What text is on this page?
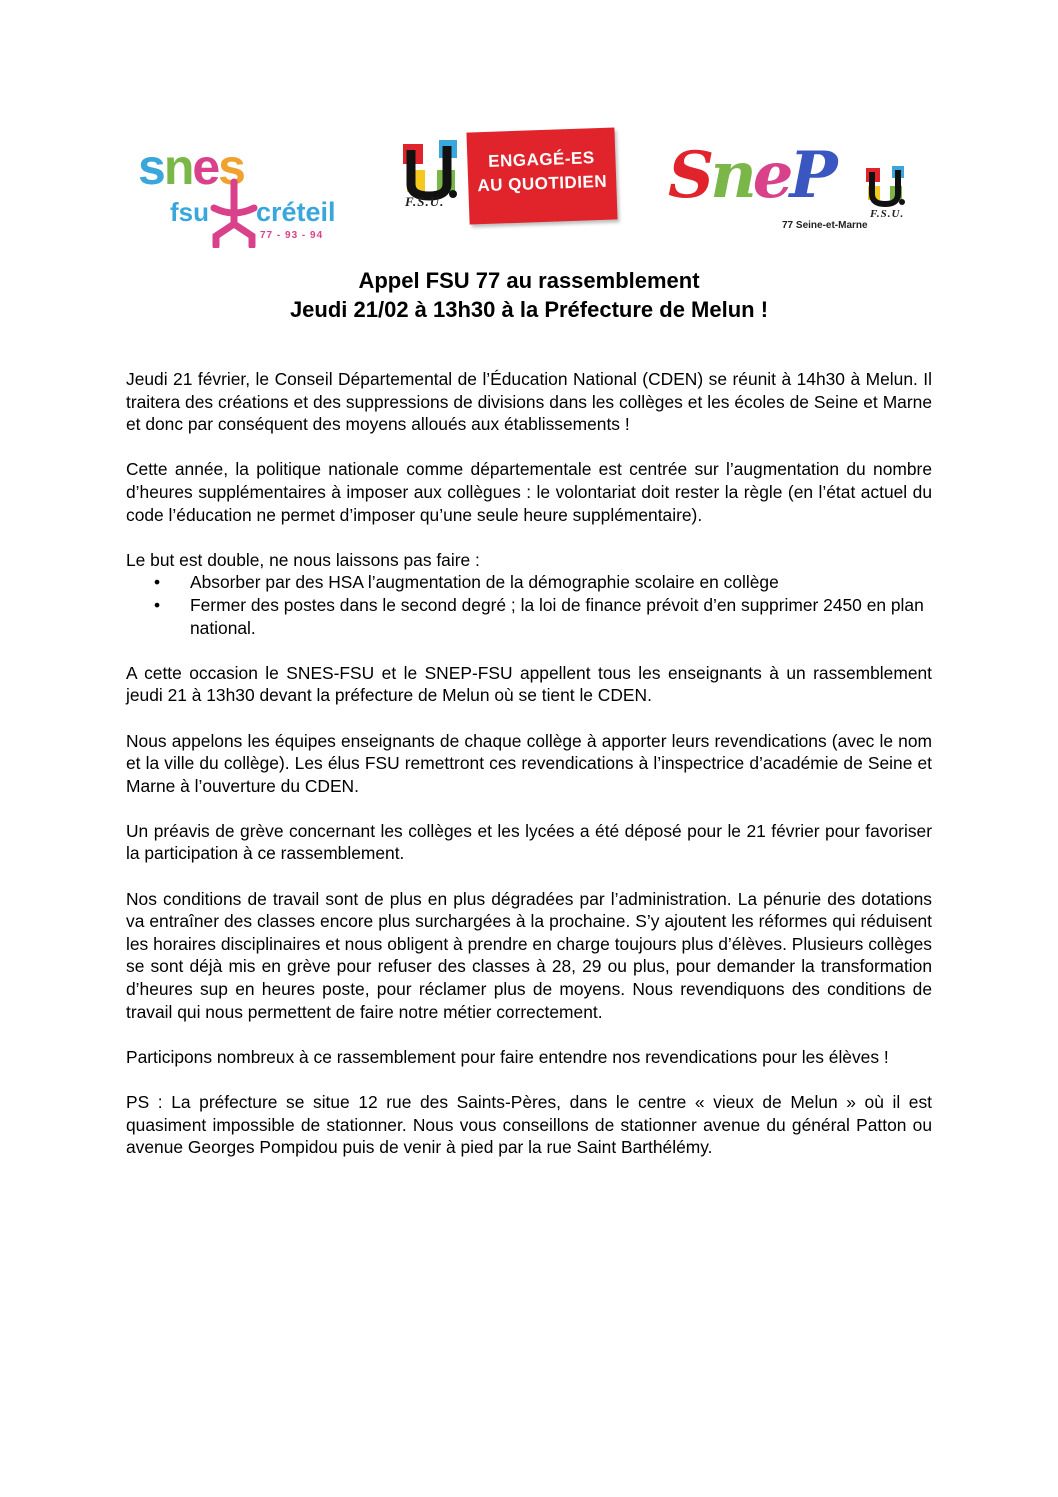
snes
fsu créteil
77 - 93 - 94
F.S.U.
ENGAGÉ-ES
AU QUOTIDIEN SneP
F.S.U.
77 Seine-et-Marne
Appel FSU 77 au rassemblement
Jeudi 21/02 à 13h30 à la Préfecture de Melun !

Jeudi 21 février, le Conseil Départemental de l’Éducation National (CDEN) se réunit à 14h30 à Melun. Il traitera des créations et des suppressions de divisions dans les collèges et les écoles de Seine et Marne et donc par conséquent des moyens alloués aux établissements !

Cette année, la politique nationale comme départementale est centrée sur l’augmentation du nombre d’heures supplémentaires à imposer aux collègues : le volontariat doit rester la règle (en l’état actuel du code l’éducation ne permet d’imposer qu’une seule heure supplémentaire).

Le but est double, ne nous laissons pas faire :

• Absorber par des HSA l’augmentation de la démographie scolaire en collège
• Fermer des postes dans le second degré ; la loi de finance prévoit d’en supprimer 2450 en plan national.

A cette occasion le SNES-FSU et le SNEP-FSU appellent tous les enseignants à un rassemblement jeudi 21 à 13h30 devant la préfecture de Melun où se tient le CDEN.

Nous appelons les équipes enseignants de chaque collège à apporter leurs revendications (avec le nom et la ville du collège). Les élus FSU remettront ces revendications à l’inspectrice d’académie de Seine et Marne à l’ouverture du CDEN.

Un préavis de grève concernant les collèges et les lycées a été déposé pour le 21 février pour favoriser la participation à ce rassemblement.

Nos conditions de travail sont de plus en plus dégradées par l’administration. La pénurie des dotations va entraîner des classes encore plus surchargées à la prochaine. S’y ajoutent les réformes qui réduisent les horaires disciplinaires et nous obligent à prendre en charge toujours plus d’élèves. Plusieurs collèges se sont déjà mis en grève pour refuser des classes à 28, 29 ou plus, pour demander la transformation d’heures sup en heures poste, pour réclamer plus de moyens. Nous revendiquons des conditions de travail qui nous permettent de faire notre métier correctement.

Participons nombreux à ce rassemblement pour faire entendre nos revendications pour les élèves !

PS : La préfecture se situe 12 rue des Saints-Pères, dans le centre « vieux de Melun » où il est quasiment impossible de stationner. Nous vous conseillons de stationner avenue du général Patton ou avenue Georges Pompidou puis de venir à pied par la rue Saint Barthélémy.
